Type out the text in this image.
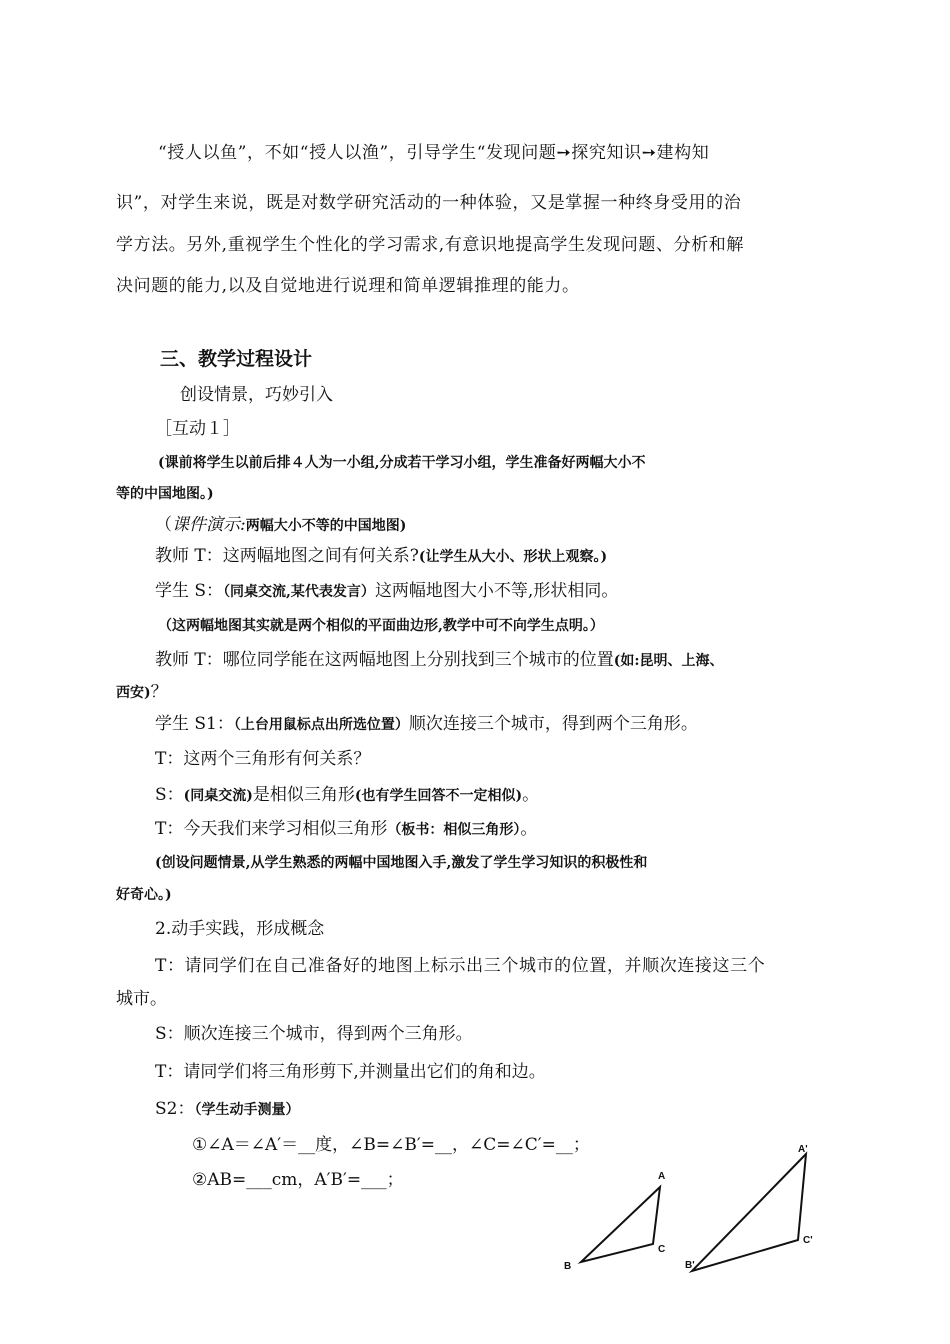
“授人以鱼”，不如“授人以渔”，引导学生“发现问题➙探究知识➙建构知
识”，对学生来说，既是对数学研究活动的一种体验，又是掌握一种终身受用的治
学方法。另外,重视学生个性化的学习需求,有意识地提高学生发现问题、分析和解
决问题的能力,以及自觉地进行说理和简单逻辑推理的能力。
三、教学过程设计
创设情景，巧妙引入
［互动１］
(课前将学生以前后排４人为一小组,分成若干学习小组，学生准备好两幅大小不
等的中国地图。)
（课件演示:两幅大小不等的中国地图)
教师 T：这两幅地图之间有何关系?(让学生从大小、形状上观察。)
学生 S：（同桌交流,某代表发言）这两幅地图大小不等,形状相同。
（这两幅地图其实就是两个相似的平面曲边形,教学中可不向学生点明。）
教师 T：哪位同学能在这两幅地图上分别找到三个城市的位置(如:昆明、上海、
西安)？
学生 S1：（上台用鼠标点出所选位置）顺次连接三个城市，得到两个三角形。
T：这两个三角形有何关系？
S：(同桌交流)是相似三角形(也有学生回答不一定相似)。
T：今天我们来学习相似三角形（板书：相似三角形）。
(创设问题情景,从学生熟悉的两幅中国地图入手,激发了学生学习知识的积极性和
好奇心。)
2.动手实践，形成概念
T：请同学们在自己准备好的地图上标示出三个城市的位置，并顺次连接这三个
城市。
S：顺次连接三个城市，得到两个三角形。
T：请同学们将三角形剪下,并测量出它们的角和边。
S2：（学生动手测量）
①∠A＝∠A′＝__度，∠B=∠B′=__，∠C=∠C′=__；
②AB=___cm，A′B′=___；	A
B
C
A'
B'
C'
